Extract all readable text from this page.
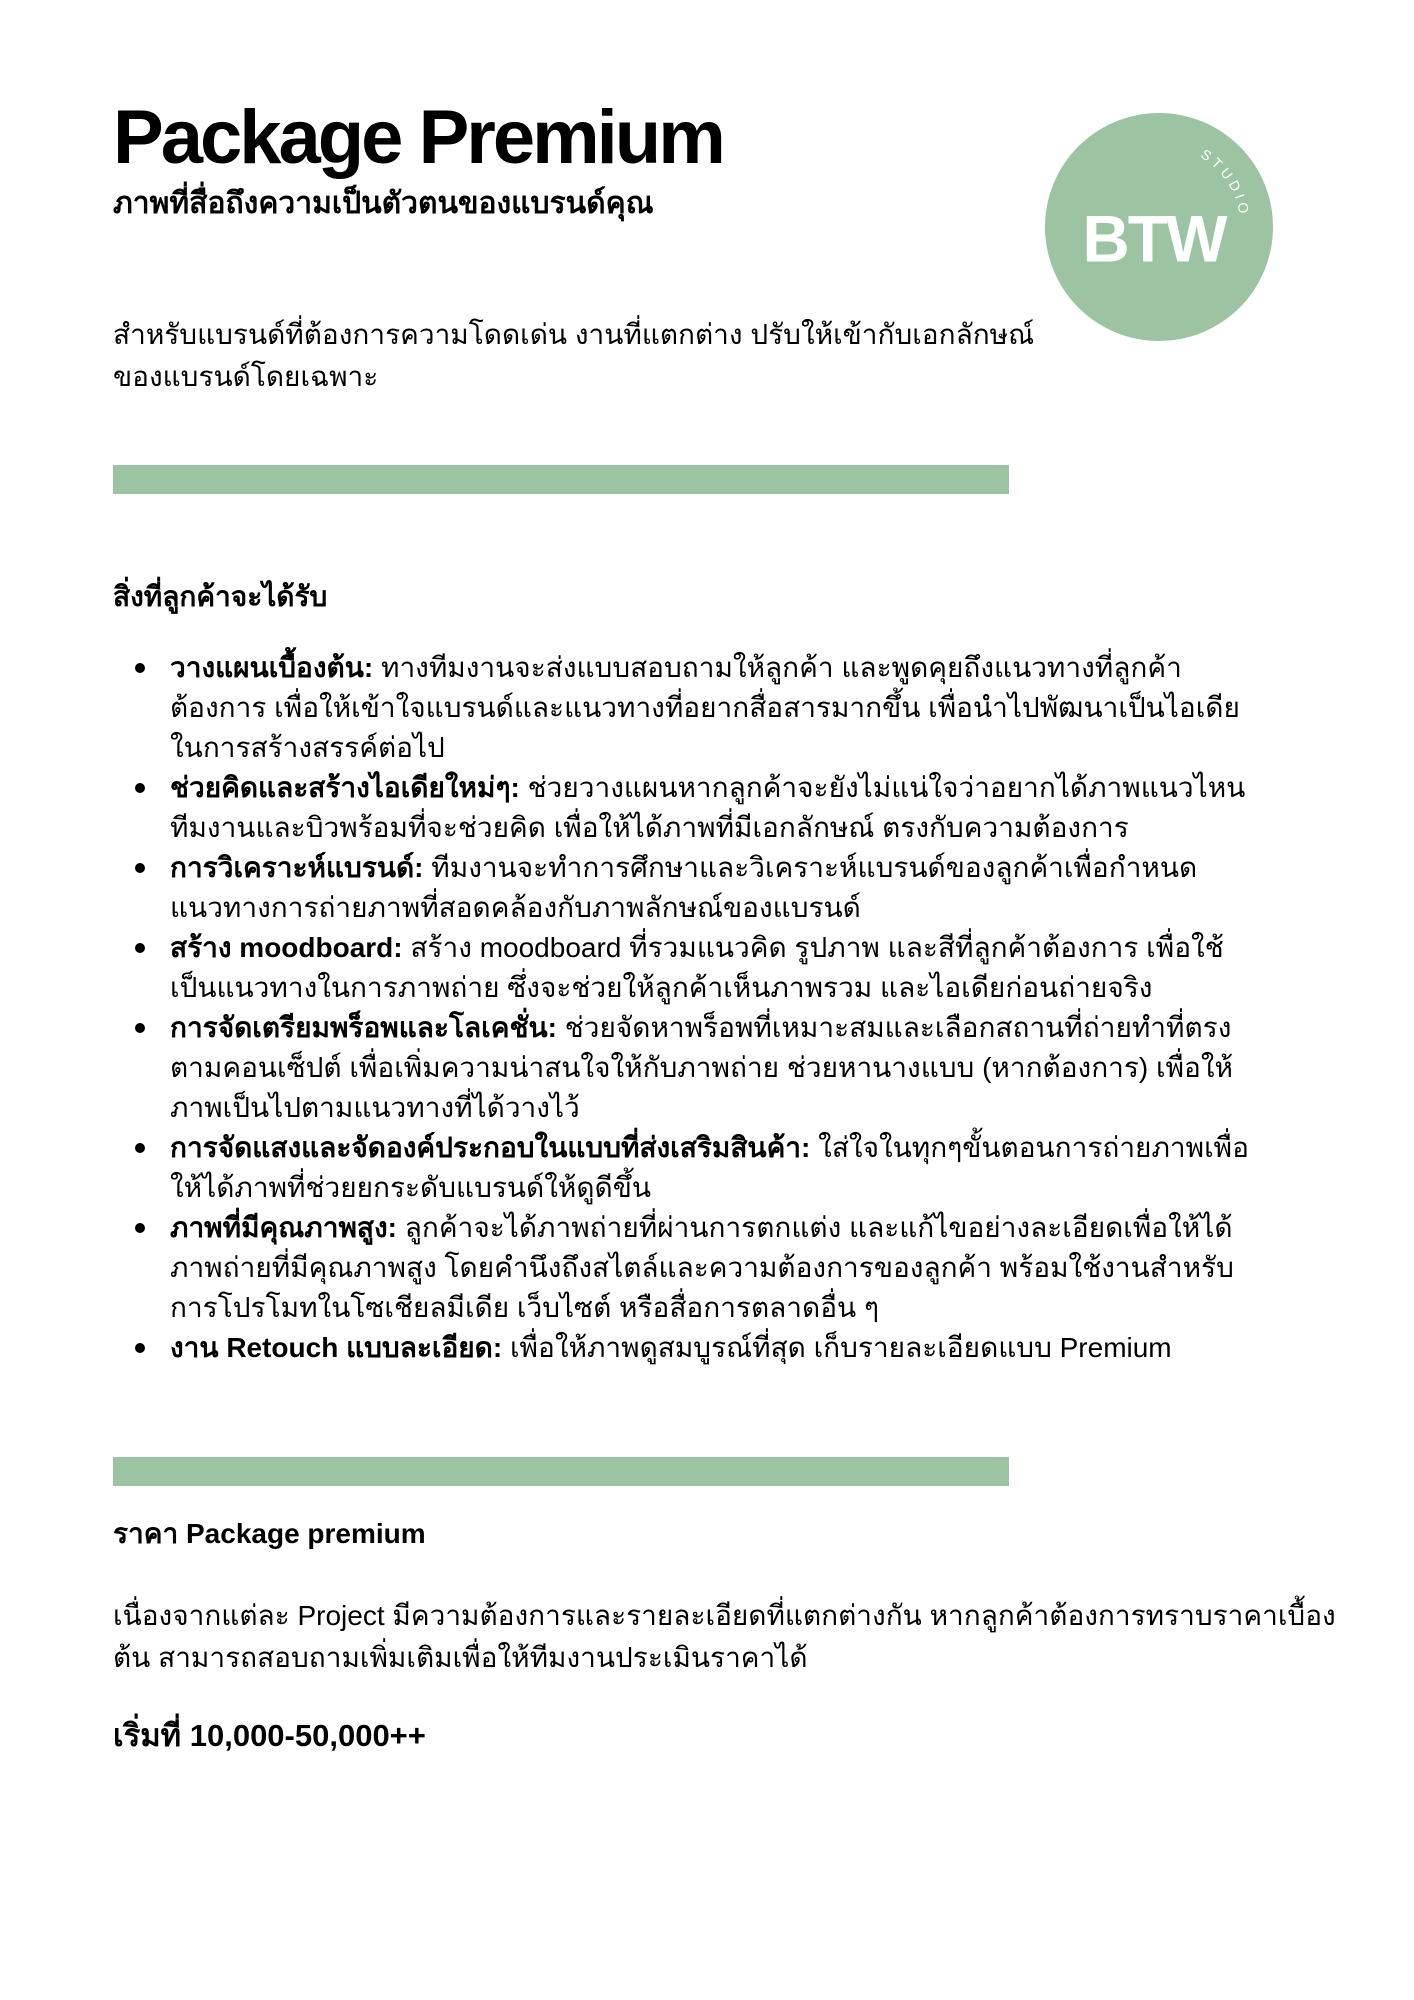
BTW
STUDIO
Package Premium
ภาพที่สื่อถึงความเป็นตัวตนของแบรนด์คุณ

สำหรับแบรนด์ที่ต้องการความโดดเด่น งานที่แตกต่าง ปรับให้เข้ากับเอกลักษณ์ของแบรนด์โดยเฉพาะ

สิ่งที่ลูกค้าจะได้รับ
วางแผนเบื้องต้น: ทางทีมงานจะส่งแบบสอบถามให้ลูกค้า และพูดคุยถึงแนวทางที่ลูกค้าต้องการ เพื่อให้เข้าใจแบรนด์และแนวทางที่อยากสื่อสารมากขึ้น เพื่อนำไปพัฒนาเป็นไอเดียในการสร้างสรรค์ต่อไป
ช่วยคิดและสร้างไอเดียใหม่ๆ: ช่วยวางแผนหากลูกค้าจะยังไม่แน่ใจว่าอยากได้ภาพแนวไหน ทีมงานและบิวพร้อมที่จะช่วยคิด เพื่อให้ได้ภาพที่มีเอกลักษณ์ ตรงกับความต้องการ
การวิเคราะห์แบรนด์: ทีมงานจะทำการศึกษาและวิเคราะห์แบรนด์ของลูกค้าเพื่อกำหนดแนวทางการถ่ายภาพที่สอดคล้องกับภาพลักษณ์ของแบรนด์
สร้าง moodboard: สร้าง moodboard ที่รวมแนวคิด รูปภาพ และสีที่ลูกค้าต้องการ เพื่อใช้เป็นแนวทางในการภาพถ่าย ซึ่งจะช่วยให้ลูกค้าเห็นภาพรวม และไอเดียก่อนถ่ายจริง
การจัดเตรียมพร็อพและโลเคชั่น: ช่วยจัดหาพร็อพที่เหมาะสมและเลือกสถานที่ถ่ายทำที่ตรงตามคอนเซ็ปต์ เพื่อเพิ่มความน่าสนใจให้กับภาพถ่าย ช่วยหานางแบบ (หากต้องการ) เพื่อให้ภาพเป็นไปตามแนวทางที่ได้วางไว้
การจัดแสงและจัดองค์ประกอบในแบบที่ส่งเสริมสินค้า: ใส่ใจในทุกๆขั้นตอนการถ่ายภาพเพื่อให้ได้ภาพที่ช่วยยกระดับแบรนด์ให้ดูดีขึ้น
ภาพที่มีคุณภาพสูง: ลูกค้าจะได้ภาพถ่ายที่ผ่านการตกแต่ง และแก้ไขอย่างละเอียดเพื่อให้ได้ภาพถ่ายที่มีคุณภาพสูง โดยคำนึงถึงสไตล์และความต้องการของลูกค้า พร้อมใช้งานสำหรับการโปรโมทในโซเชียลมีเดีย เว็บไซต์ หรือสื่อการตลาดอื่น ๆ
งาน Retouch แบบละเอียด: เพื่อให้ภาพดูสมบูรณ์ที่สุด เก็บรายละเอียดแบบ Premium
ราคา Package premium

เนื่องจากแต่ละ Project มีความต้องการและรายละเอียดที่แตกต่างกัน หากลูกค้าต้องการทราบราคาเบื้องต้น สามารถสอบถามเพิ่มเติมเพื่อให้ทีมงานประเมินราคาได้

เริ่มที่ 10,000-50,000++
